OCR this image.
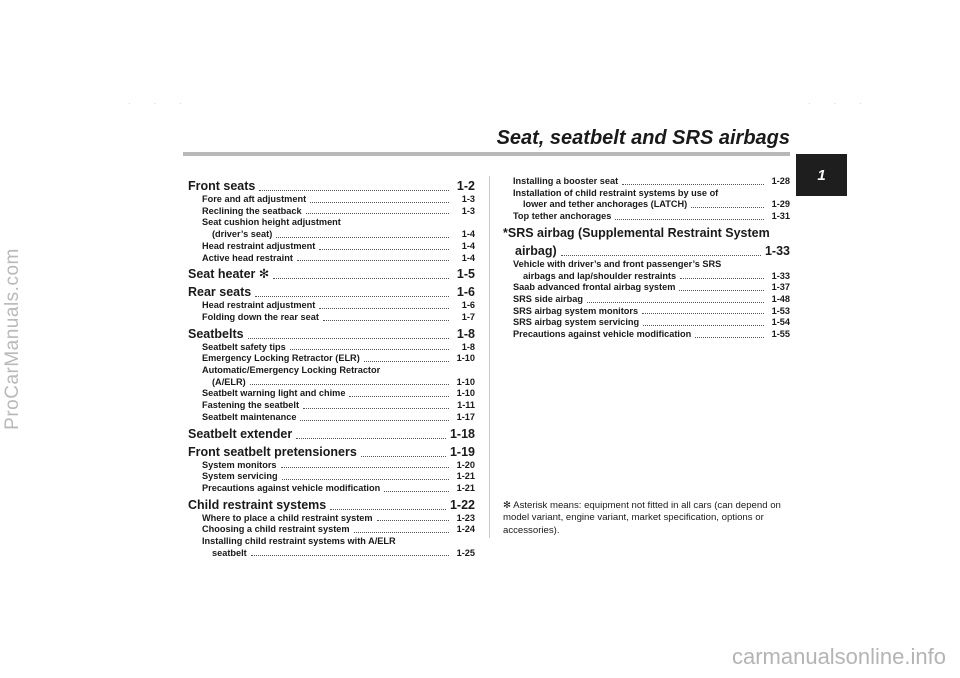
ProCarManuals.com
· · ·	· · ·
Seat, seatbelt and SRS airbags
1
Front seats	1-2
Fore and aft adjustment	1-3
Reclining the seatback	1-3
Seat cushion height adjustment
(driver’s seat)	1-4
Head restraint adjustment	1-4
Active head restraint	1-4
Seat heater ✻	1-5
Rear seats	1-6
Head restraint adjustment	1-6
Folding down the rear seat	1-7
Seatbelts	1-8
Seatbelt safety tips	1-8
Emergency Locking Retractor (ELR)	1-10
Automatic/Emergency Locking Retractor
(A/ELR)	1-10
Seatbelt warning light and chime	1-10
Fastening the seatbelt	1-11
Seatbelt maintenance	1-17
Seatbelt extender	1-18
Front seatbelt pretensioners	1-19
System monitors	1-20
System servicing	1-21
Precautions against vehicle modification	1-21
Child restraint systems	1-22
Where to place a child restraint system	1-23
Choosing a child restraint system	1-24
Installing child restraint systems with A/ELR
seatbelt	1-25
Installing a booster seat	1-28
Installation of child restraint systems by use of
lower and tether anchorages (LATCH)	1-29
Top tether anchorages	1-31
*SRS airbag (Supplemental Restraint System
airbag)	1-33
Vehicle with driver’s and front passenger’s SRS
airbags and lap/shoulder restraints	1-33
Saab advanced frontal airbag system	1-37
SRS side airbag	1-48
SRS airbag system monitors	1-53
SRS airbag system servicing	1-54
Precautions against vehicle modification	1-55
✻ Asterisk means: equipment not fitted in all cars (can depend on model variant, engine variant, market specification, options or accessories).
carmanualsonline.info
